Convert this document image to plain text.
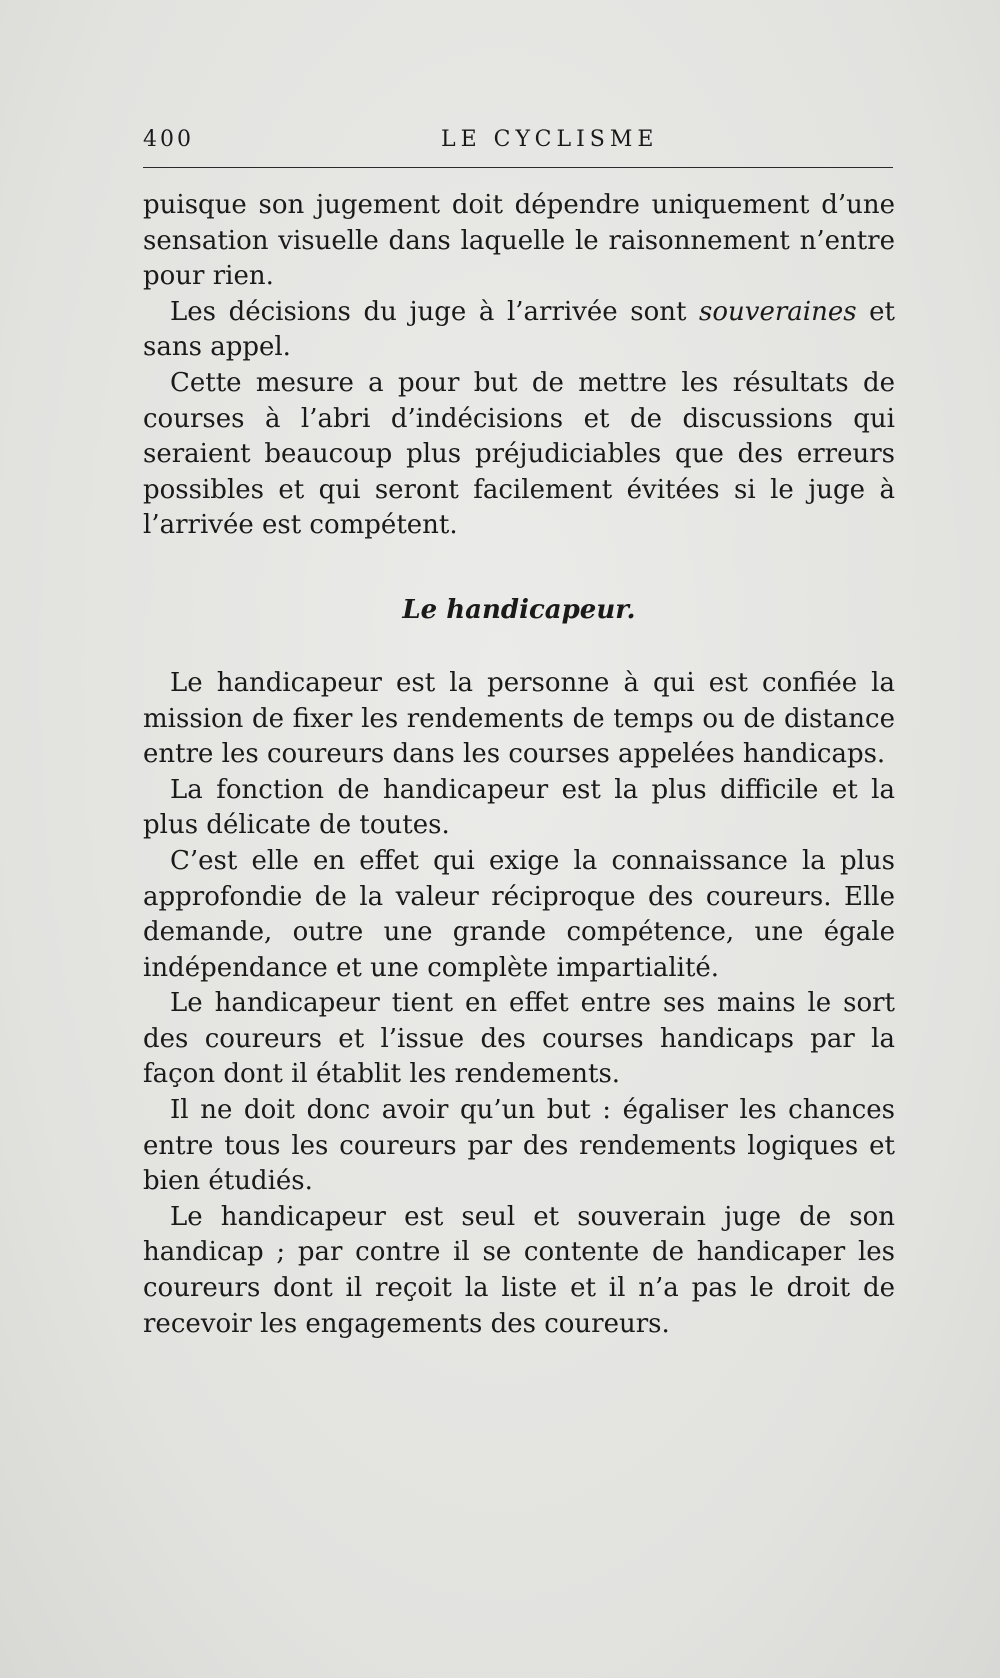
400	LE CYCLISME

puisque son jugement doit dépendre uniquement d’une sensation visuelle dans laquelle le raisonnement n’entre pour rien.

Les décisions du juge à l’arrivée sont souveraines et sans appel.

Cette mesure a pour but de mettre les résultats de courses à l’abri d’indécisions et de discussions qui seraient beaucoup plus préjudiciables que des erreurs possibles et qui seront facilement évitées si le juge à l’arrivée est compétent.

Le handicapeur.

Le handicapeur est la personne à qui est confiée la mission de fixer les rendements de temps ou de distance entre les coureurs dans les courses appelées handicaps.

La fonction de handicapeur est la plus difficile et la plus délicate de toutes.

C’est elle en effet qui exige la connaissance la plus approfondie de la valeur réciproque des coureurs. Elle demande, outre une grande compétence, une égale indépendance et une complète impartialité.

Le handicapeur tient en effet entre ses mains le sort des coureurs et l’issue des courses handicaps par la façon dont il établit les rendements.

Il ne doit donc avoir qu’un but : égaliser les chances entre tous les coureurs par des rendements logiques et bien étudiés.

Le handicapeur est seul et souverain juge de son handicap ; par contre il se contente de handicaper les coureurs dont il reçoit la liste et il n’a pas le droit de recevoir les engagements des coureurs.
